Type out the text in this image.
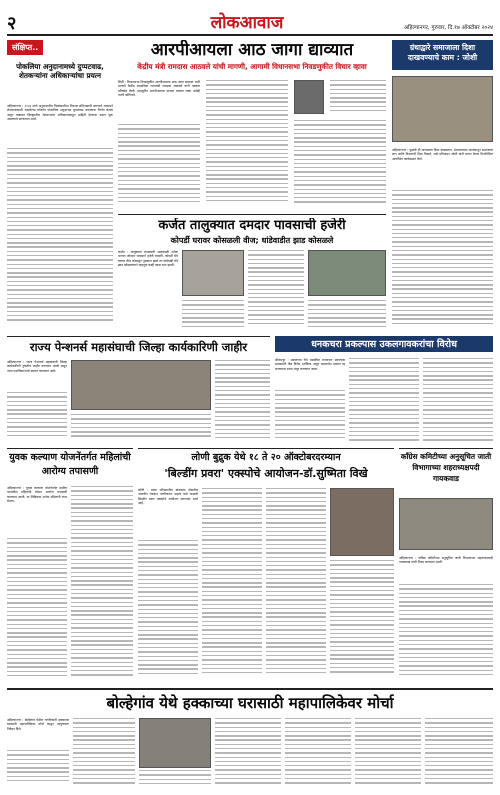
२	लोकआवाज	अहिल्यानगर, गुरुवार, दि.१७ ऑक्टोबर २०२४
संक्षिप्त..
पोकलिया अनुदानामध्ये दुप्पटवाढ, शेतकऱ्यांना अधिकाऱ्यांचा प्रयत्न
अहिल्यानगर : २०२३ मध्ये अनुदानातील पिकांसाठीचा निकाल संदिग्धदायी ठरल्याने शासनाने शेतकऱ्यांसाठी असलेल्या योजनेत पोकलिया अनुदानात दुप्पटवाढ करण्याचा निर्णय घेतला असून याबाबत जिल्ह्यातील शेतकऱ्यांना अधिकाऱ्यांकडून माहिती देण्याचा प्रयत्न सुरू असल्याचे सांगण्यात आले.
आरपीआयला आठ जागा द्याव्यात
केंद्रीय मंत्री रामदास आठवले यांची मागणी, आगामी विधानसभा निवडणुकीत विचार व्हावा
शिर्डी : विधानसभा निवडणुकीत आरपीआयला आठ जागा द्याव्यात अशी मागणी केंद्रीय सामाजिक न्यायमंत्री रामदास आठवले यांनी पत्रकार परिषदेत केली. महायुतीत आरपीआयचा सन्मान राखला जावा असेही त्यांनी सांगितले.
ग्रंथाद्वारे समाजाला दिशा दाखवण्याचे काम : जोशी
अहिल्यानगर : पुस्तके ही माणसाला दिशा दाखवतात. ग्रंथालयांच्या माध्यमातून समाजाला ज्ञान आणि विचारांची दिशा मिळते, असे प्रतिपादन जोशी यांनी वाचन प्रेरणा दिनानिमित्त आयोजित कार्यक्रमात केले.
कर्जत तालुक्यात दमदार पावसाची हजेरी
कोपर्डी घरावर कोसळली वीज; धांडेवाडीत झाड कोसळले
कर्जत : तालुक्यात मंगळवारी सायंकाळी अनेक भागांत जोरदार पावसाने हजेरी लावली. कोपर्डी येथे घरावर वीज कोसळून नुकसान झाले तर धांडेवाडी येथे झाड कोसळल्याने वाहतूक काही काळ ठप्प झाली.
राज्य पेन्शनर्स महासंघाची जिल्हा कार्यकारिणी जाहीर
अहिल्यानगर : राज्य पेन्शनर्स महासंघाची जिल्हा कार्यकारिणी नुकतीच जाहीर करण्यात आली असून नव्या पदाधिकाऱ्यांचे स्वागत करण्यात आले.
धनकचरा प्रकल्पास उकलगावकरांचा विरोध
श्रीरामपूर : उकलगाव येथे प्रस्तावित घनकचरा प्रकल्पास ग्रामस्थांनी तीव्र विरोध दर्शविला असून ग्रामसभेत प्रकल्प रद्द करण्याचा ठराव मंजूर करण्यात आला.
युवक कल्याण योजनेंतर्गत महिलांची आरोग्य तपासणी
अहिल्यानगर : युवक कल्याण योजनेंतर्गत ग्रामीण भागातील महिलांची मोफत आरोग्य तपासणी करण्यात आली. या शिबिराचा अनेक महिलांनी लाभ घेतला.
लोणी बुद्रुक येथे १८ ते २० ऑक्टोबरदरम्यान
'बिल्डींग प्रवरा' एक्स्पोचे आयोजन-डॉ.सुष्मिता विखे
लोणी : प्रवरा परिसरातील बांधकाम क्षेत्रातील नवनवीन तंत्रज्ञान नागरिकांना पाहता यावे यासाठी बिल्डींग प्रवरा एक्स्पोचे आयोजन करण्यात आले आहे.
काँग्रेस कमिटीच्या अनुसूचित जाती विभागाच्या शहराध्यक्षपदी गायकवाड
अहिल्यानगर : काँग्रेस कमिटीच्या अनुसूचित जाती विभागाच्या शहराध्यक्षपदी गायकवाड यांची निवड करण्यात आली.
बोल्हेगांव येथे हक्काच्या घरासाठी महापालिकेवर मोर्चा
अहिल्यानगर : बोल्हेगांव येथील नागरिकांनी हक्काच्या घरासाठी महापालिकेवर मोर्चा काढून आयुक्तांना निवेदन दिले.
